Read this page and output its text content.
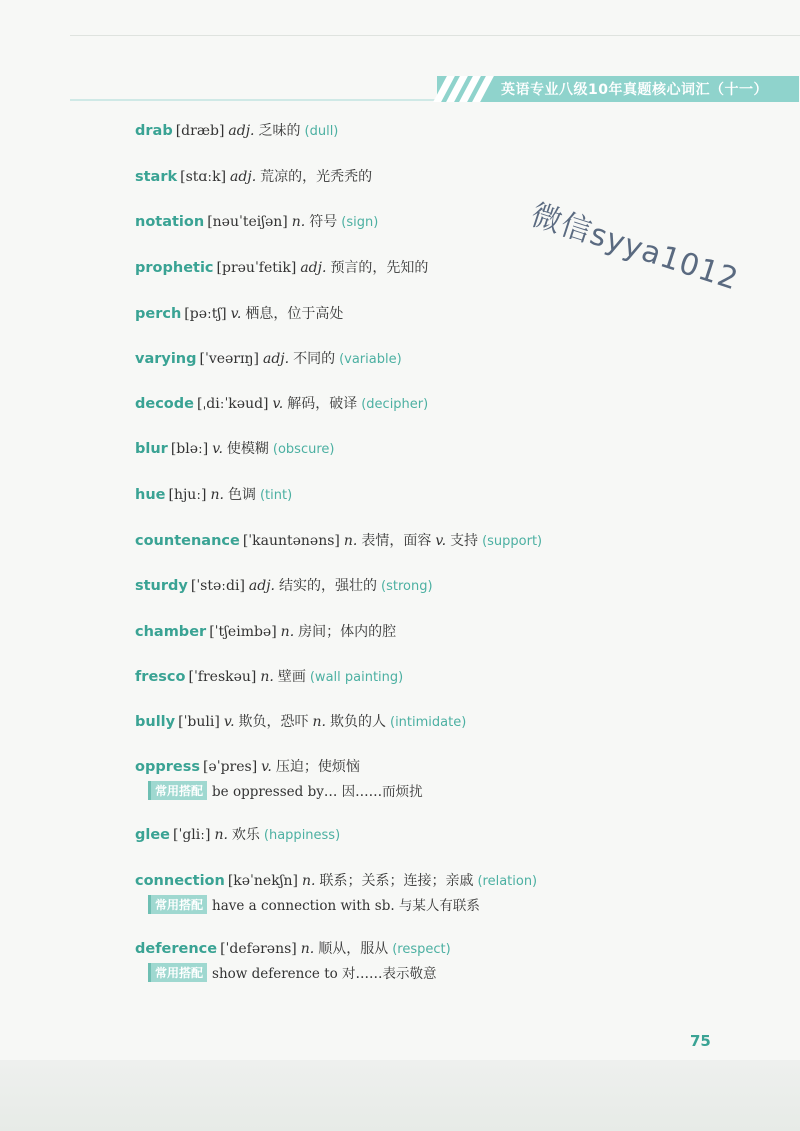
英语专业八级10年真题核心词汇（十一）
微信syya1012
drab [dræb] adj. 乏味的 (dull)
stark [stɑːk] adj. 荒凉的，光秃秃的
notation [nəuˈteiʃən] n. 符号 (sign)
prophetic [prəuˈfetik] adj. 预言的，先知的
perch [pəːtʃ] v. 栖息，位于高处
varying [ˈveərɪŋ] adj. 不同的 (variable)
decode [ˌdiːˈkəud] v. 解码，破译 (decipher)
blur [bləː] v. 使模糊 (obscure)
hue [hjuː] n. 色调 (tint)
countenance [ˈkauntənəns] n. 表情，面容 v. 支持 (support)
sturdy [ˈstəːdi] adj. 结实的，强壮的 (strong)
chamber [ˈtʃeimbə] n. 房间；体内的腔
fresco [ˈfreskəu] n. 壁画 (wall painting)
bully [ˈbuli] v. 欺负，恐吓 n. 欺负的人 (intimidate)
oppress [əˈpres] v. 压迫；使烦恼
常用搭配 be oppressed by… 因……而烦扰
glee [ˈgliː] n. 欢乐 (happiness)
connection [kəˈnekʃn] n. 联系；关系；连接；亲戚 (relation)
常用搭配 have a connection with sb. 与某人有联系
deference [ˈdefərəns] n. 顺从，服从 (respect)
常用搭配 show deference to 对……表示敬意
75
